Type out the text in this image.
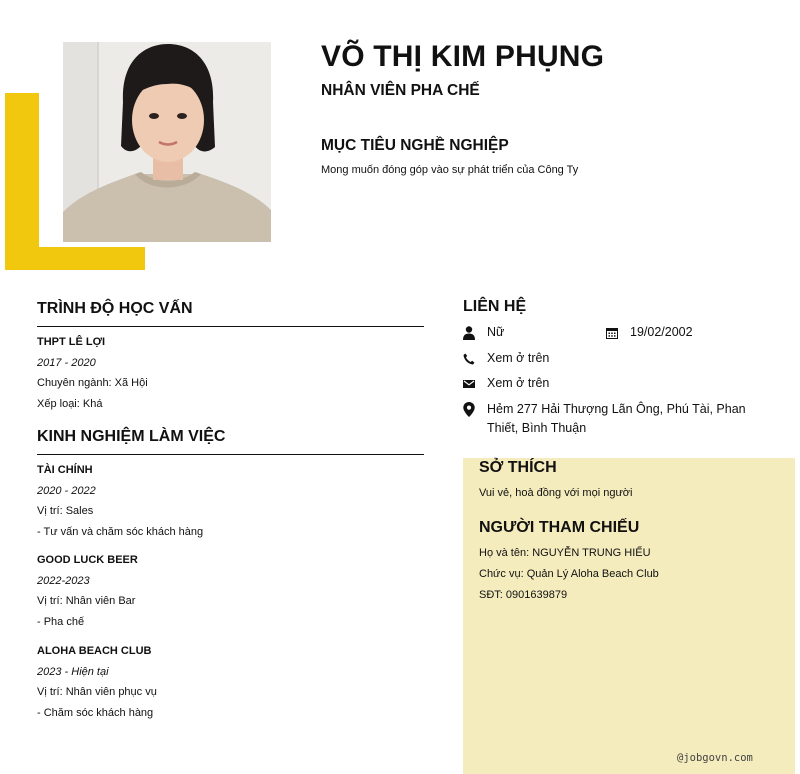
VÕ THỊ KIM PHỤNG
NHÂN VIÊN PHA CHẾ
MỤC TIÊU NGHỀ NGHIỆP
Mong muốn đóng góp vào sự phát triển của Công Ty
TRÌNH ĐỘ HỌC VẤN
THPT LÊ LỢI
2017 - 2020
Chuyên ngành: Xã Hội
Xếp loại: Khá
KINH NGHIỆM LÀM VIỆC
TÀI CHÍNH
2020 - 2022
Vị trí: Sales
- Tư vấn và chăm sóc khách hàng
GOOD LUCK BEER
2022-2023
Vị trí: Nhân viên Bar
- Pha chế
ALOHA BEACH CLUB
2023 - Hiện tại
Vị trí: Nhân viên phục vụ
- Chăm sóc khách hàng
LIÊN HỆ
Nữ	19/02/2002
Xem ở trên
Xem ở trên
Hẻm 277 Hải Thượng Lãn Ông, Phú Tài, Phan
Thiết, Bình Thuận
SỞ THÍCH
Vui vẻ, hoà đồng với mọi người
NGƯỜI THAM CHIẾU
Họ và tên: NGUYỄN TRUNG HIẾU
Chức vụ: Quản Lý Aloha Beach Club
SĐT: 0901639879
@jobgovn.com
